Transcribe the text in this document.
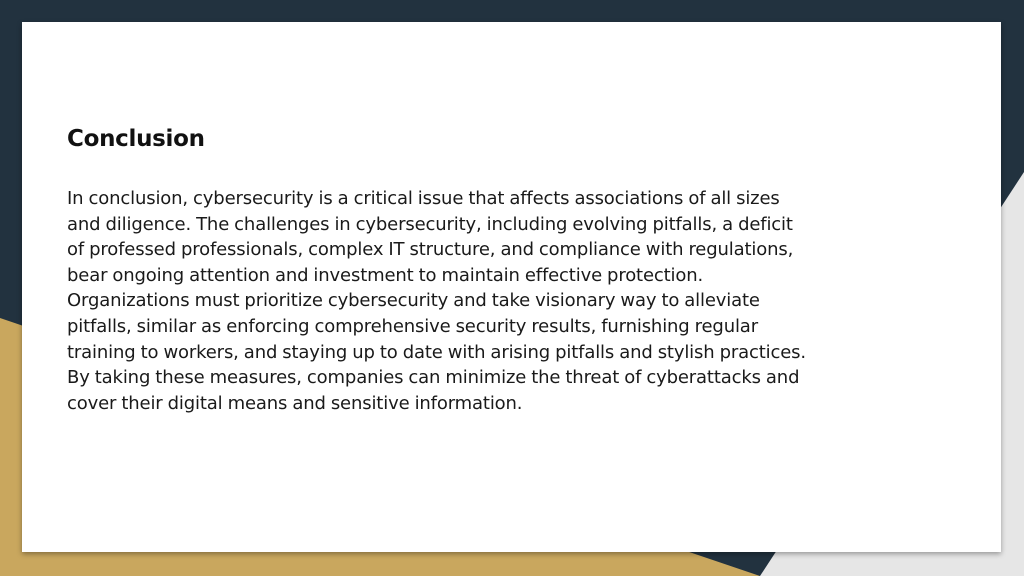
Conclusion

In conclusion, cybersecurity is a critical issue that affects associations of all sizes
and diligence. The challenges in cybersecurity, including evolving pitfalls, a deficit
of professed professionals, complex IT structure, and compliance with regulations,
bear ongoing attention and investment to maintain effective protection.
Organizations must prioritize cybersecurity and take visionary way to alleviate
pitfalls, similar as enforcing comprehensive security results, furnishing regular
training to workers, and staying up to date with arising pitfalls and stylish practices.
By taking these measures, companies can minimize the threat of cyberattacks and
cover their digital means and sensitive information.
